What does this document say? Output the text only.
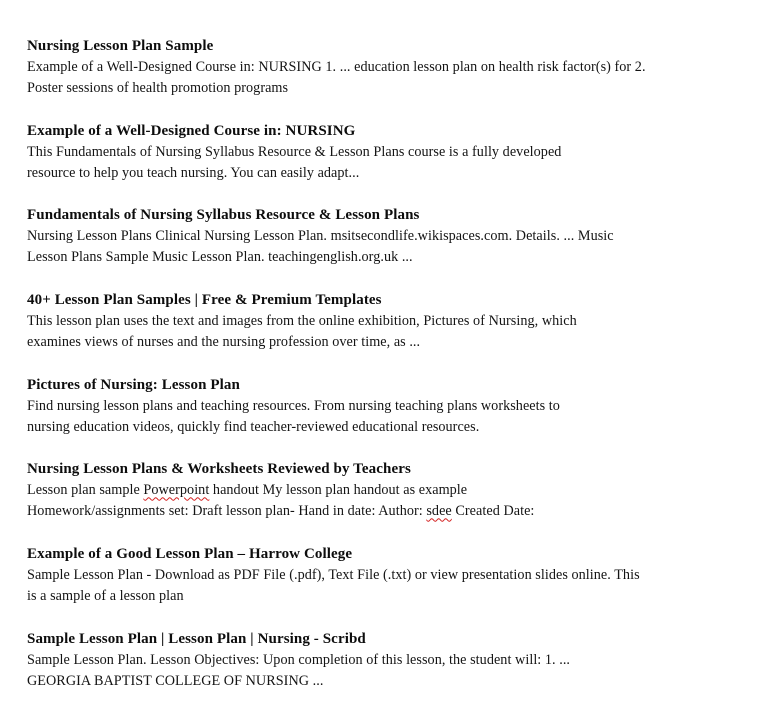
Nursing Lesson Plan Sample
Example of a Well-Designed Course in: NURSING 1. ... education lesson plan on health risk factor(s) for 2.
Poster sessions of health promotion programs
Example of a Well-Designed Course in: NURSING
This Fundamentals of Nursing Syllabus Resource & Lesson Plans course is a fully developed
resource to help you teach nursing. You can easily adapt...
Fundamentals of Nursing Syllabus Resource & Lesson Plans
Nursing Lesson Plans Clinical Nursing Lesson Plan. msitsecondlife.wikispaces.com. Details. ... Music
Lesson Plans Sample Music Lesson Plan. teachingenglish.org.uk ...
40+ Lesson Plan Samples | Free & Premium Templates
This lesson plan uses the text and images from the online exhibition, Pictures of Nursing, which
examines views of nurses and the nursing profession over time, as ...
Pictures of Nursing: Lesson Plan
Find nursing lesson plans and teaching resources. From nursing teaching plans worksheets to
nursing education videos, quickly find teacher-reviewed educational resources.
Nursing Lesson Plans & Worksheets Reviewed by Teachers
Lesson plan sample Powerpoint handout My lesson plan handout as example
Homework/assignments set: Draft lesson plan- Hand in date: Author: sdee Created Date:
Example of a Good Lesson Plan – Harrow College
Sample Lesson Plan - Download as PDF File (.pdf), Text File (.txt) or view presentation slides online. This
is a sample of a lesson plan
Sample Lesson Plan | Lesson Plan | Nursing - Scribd
Sample Lesson Plan. Lesson Objectives: Upon completion of this lesson, the student will: 1. ...
GEORGIA BAPTIST COLLEGE OF NURSING ...
